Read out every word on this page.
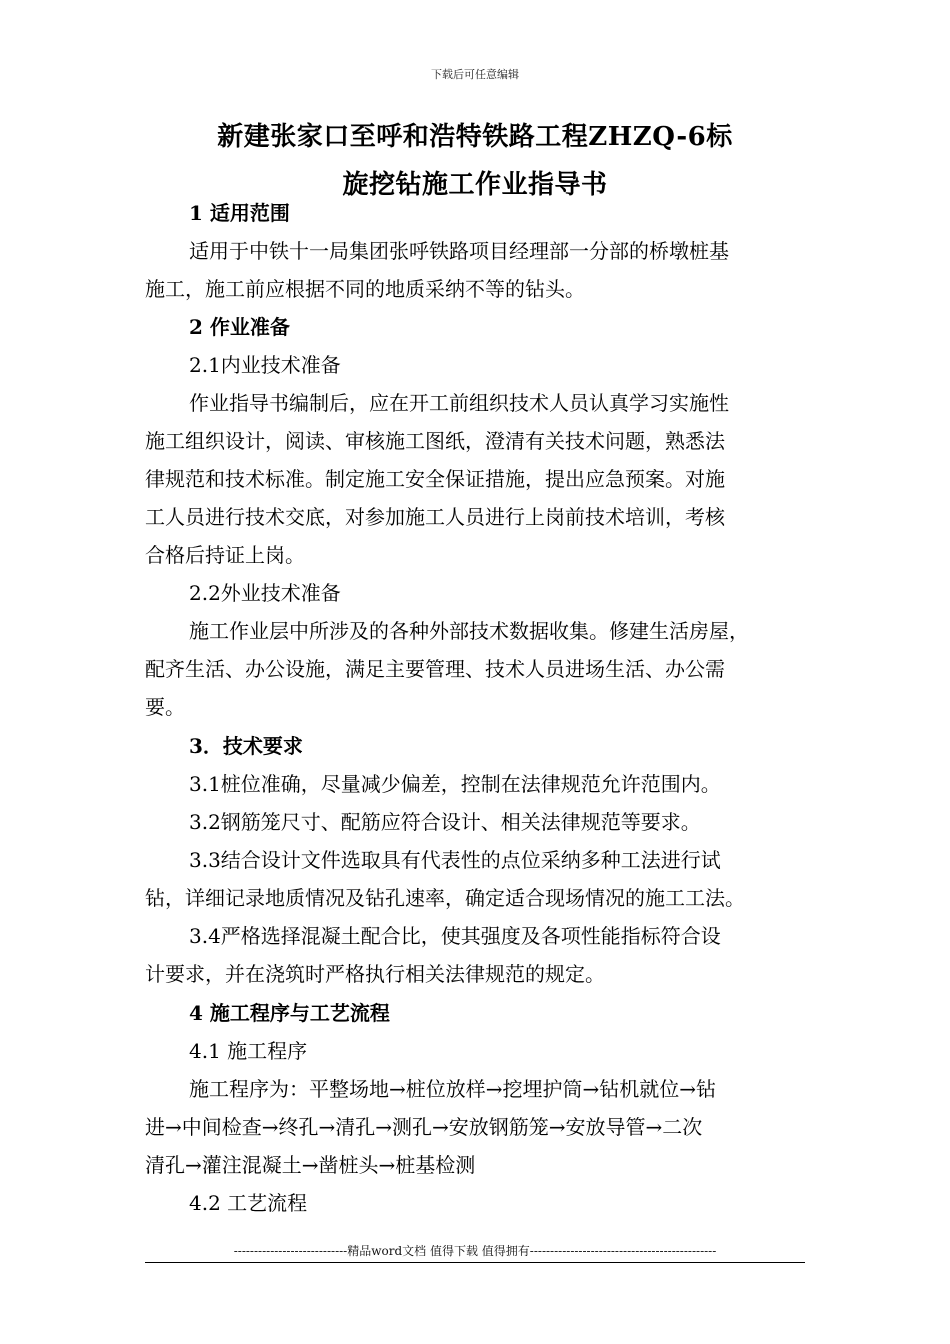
下载后可任意编辑
新建张家口至呼和浩特铁路工程ZHZQ-6标
旋挖钻施工作业指导书
1 适用范围
适用于中铁十一局集团张呼铁路项目经理部一分部的桥墩桩基
施工，施工前应根据不同的地质采纳不等的钻头。
2 作业准备
2.1内业技术准备
作业指导书编制后，应在开工前组织技术人员认真学习实施性
施工组织设计，阅读、审核施工图纸，澄清有关技术问题，熟悉法
律规范和技术标准。制定施工安全保证措施，提出应急预案。对施
工人员进行技术交底，对参加施工人员进行上岗前技术培训，考核
合格后持证上岗。
2.2外业技术准备
施工作业层中所涉及的各种外部技术数据收集。修建生活房屋，
配齐生活、办公设施，满足主要管理、技术人员进场生活、办公需
要。
3．技术要求
3.1桩位准确，尽量减少偏差，控制在法律规范允许范围内。
3.2钢筋笼尺寸、配筋应符合设计、相关法律规范等要求。
3.3结合设计文件选取具有代表性的点位采纳多种工法进行试
钻，详细记录地质情况及钻孔速率，确定适合现场情况的施工工法。
3.4严格选择混凝土配合比，使其强度及各项性能指标符合设
计要求，并在浇筑时严格执行相关法律规范的规定。
4 施工程序与工艺流程
4.1 施工程序
施工程序为：平整场地→桩位放样→挖埋护筒→钻机就位→钻
进→中间检查→终孔→清孔→测孔→安放钢筋笼→安放导管→二次
清孔→灌注混凝土→凿桩头→桩基检测
4.2 工艺流程
----------------------------精品word文档 值得下载 值得拥有----------------------------------------------
